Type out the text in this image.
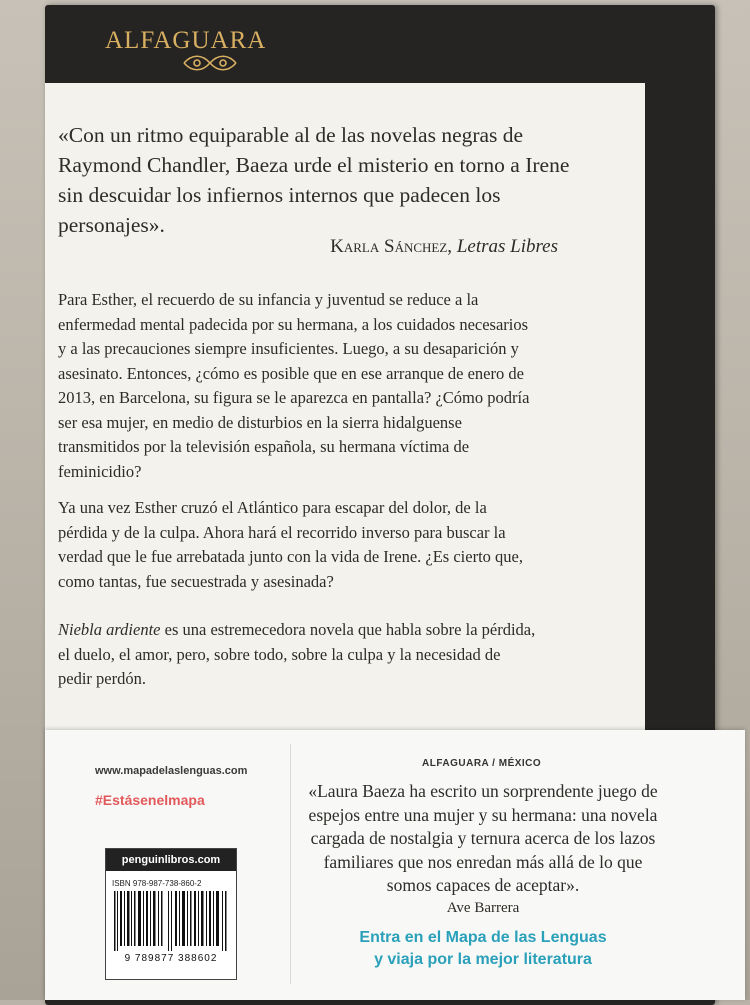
ALFAGUARA
«Con un ritmo equiparable al de las novelas negras de Raymond Chandler, Baeza urde el misterio en torno a Irene sin descuidar los infiernos internos que padecen los personajes».
Karla Sánchez, Letras Libres

Para Esther, el recuerdo de su infancia y juventud se reduce a la enfermedad mental padecida por su hermana, a los cuidados necesarios y a las precauciones siempre insuficientes. Luego, a su desaparición y asesinato. Entonces, ¿cómo es posible que en ese arranque de enero de 2013, en Barcelona, su figura se le aparezca en pantalla? ¿Cómo podría ser esa mujer, en medio de disturbios en la sierra hidalguense transmitidos por la televisión española, su hermana víctima de feminicidio?

Ya una vez Esther cruzó el Atlántico para escapar del dolor, de la pérdida y de la culpa. Ahora hará el recorrido inverso para buscar la verdad que le fue arrebatada junto con la vida de Irene. ¿Es cierto que, como tantas, fue secuestrada y asesinada?

Niebla ardiente es una estremecedora novela que habla sobre la pérdida, el duelo, el amor, pero, sobre todo, sobre la culpa y la necesidad de pedir perdón.

www.mapadelaslenguas.com
#Estásenelmapa
penguinlibros.com
ISBN 978-987-738-860-2
9 789877 388602
ALFAGUARA / MÉXICO
«Laura Baeza ha escrito un sorprendente juego de espejos entre una mujer y su hermana: una novela cargada de nostalgia y ternura acerca de los lazos familiares que nos enredan más allá de lo que somos capaces de aceptar».
Ave Barrera
Entra en el Mapa de las Lenguas
y viaja por la mejor literatura
